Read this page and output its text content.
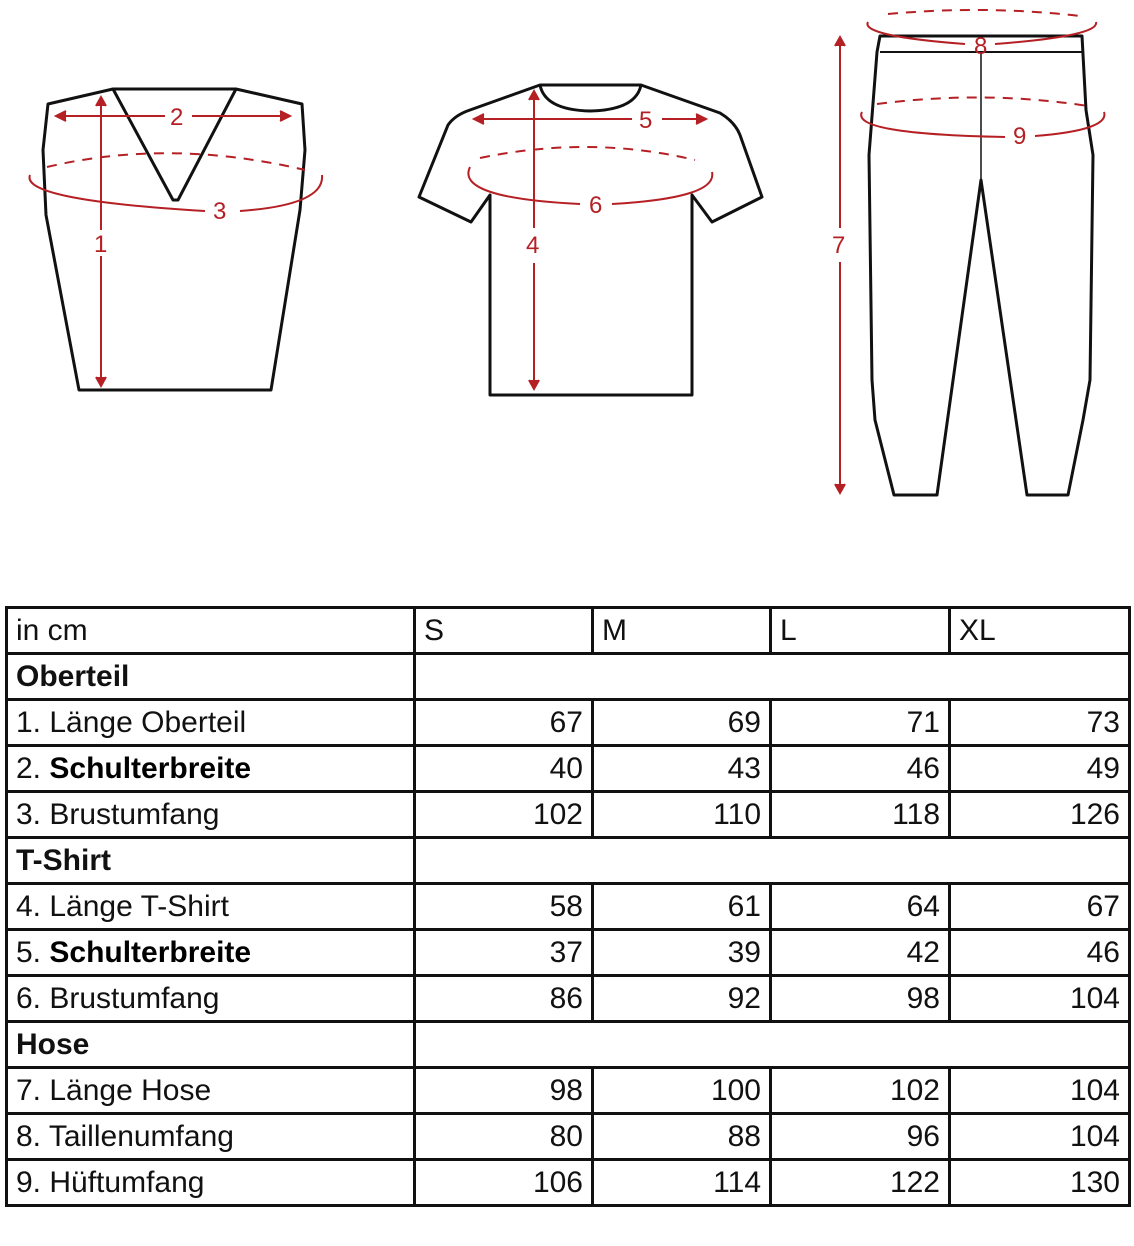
1
2
3
4
5
6
7
8
9
in cm	S	M	L	XL
Oberteil				
1. Länge Oberteil	67	69	71	73
2. Schulterbreite	40	43	46	49
3. Brustumfang	102	110	118	126
T-Shirt				
4. Länge T-Shirt	58	61	64	67
5. Schulterbreite	37	39	42	46
6. Brustumfang	86	92	98	104
Hose				
7. Länge Hose	98	100	102	104
8. Taillenumfang	80	88	96	104
9. Hüftumfang	106	114	122	130
